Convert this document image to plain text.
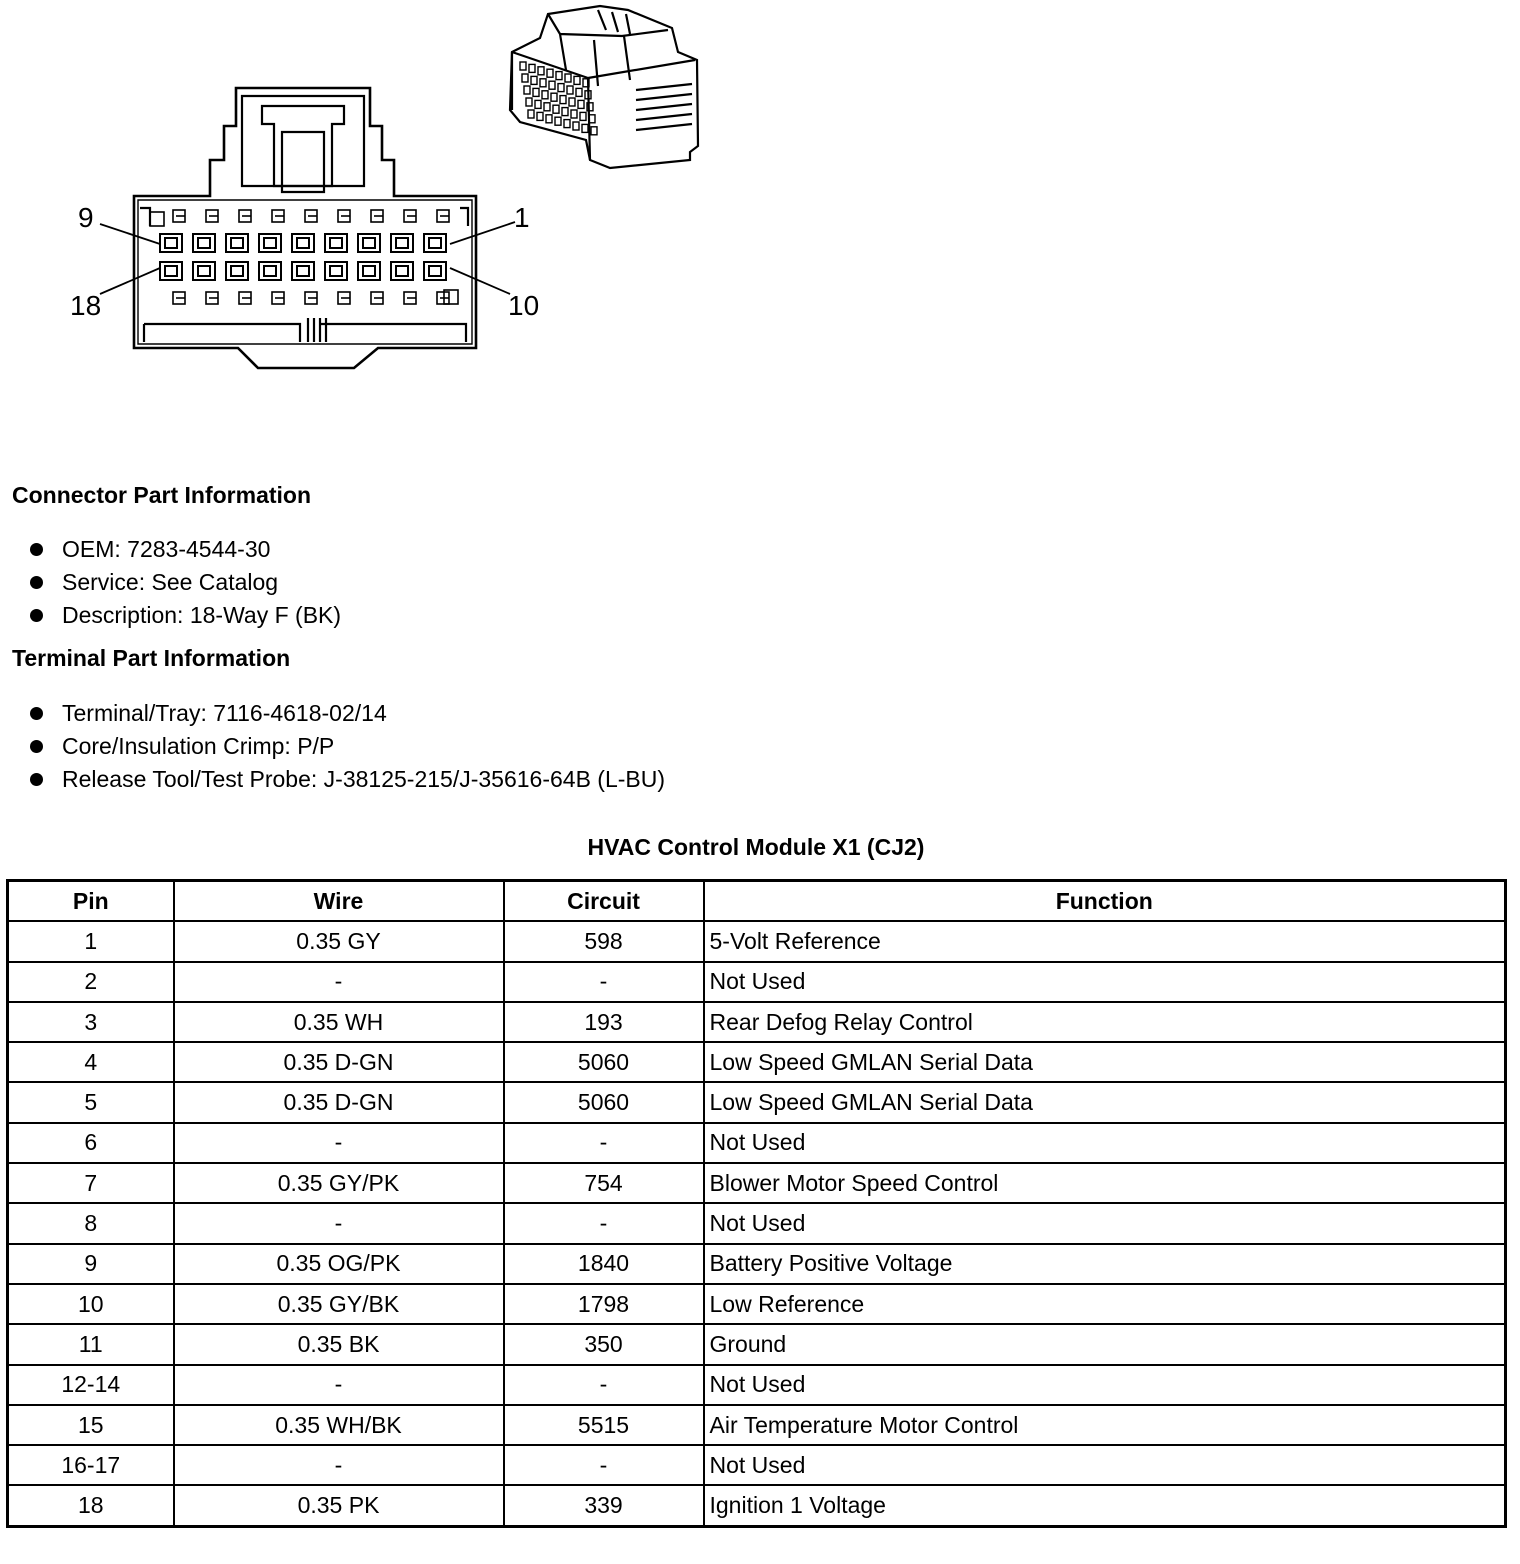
9	1
18	10
Connector Part Information
OEM: 7283-4544-30
Service: See Catalog
Description: 18-Way F (BK)
Terminal Part Information
Terminal/Tray: 7116-4618-02/14
Core/Insulation Crimp: P/P
Release Tool/Test Probe: J-38125-215/J-35616-64B (L-BU)
HVAC Control Module X1 (CJ2)
Pin	Wire	Circuit	Function
1	0.35 GY	598	5-Volt Reference
2	-	-	Not Used
3	0.35 WH	193	Rear Defog Relay Control
4	0.35 D-GN	5060	Low Speed GMLAN Serial Data
5	0.35 D-GN	5060	Low Speed GMLAN Serial Data
6	-	-	Not Used
7	0.35 GY/PK	754	Blower Motor Speed Control
8	-	-	Not Used
9	0.35 OG/PK	1840	Battery Positive Voltage
10	0.35 GY/BK	1798	Low Reference
11	0.35 BK	350	Ground
12-14	-	-	Not Used
15	0.35 WH/BK	5515	Air Temperature Motor Control
16-17	-	-	Not Used
18	0.35 PK	339	Ignition 1 Voltage
